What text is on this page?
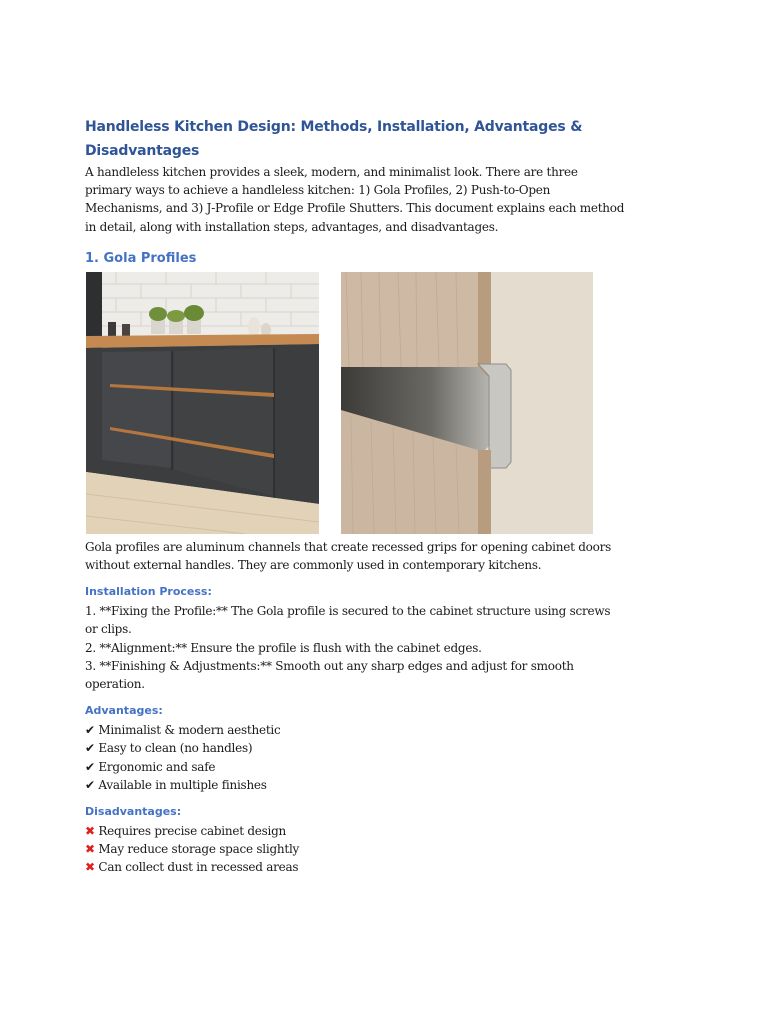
Handleless Kitchen Design: Methods, Installation, Advantages & Disadvantages

A handleless kitchen provides a sleek, modern, and minimalist look. There are three primary ways to achieve a handleless kitchen: 1) Gola Profiles, 2) Push-to-Open Mechanisms, and 3) J-Profile or Edge Profile Shutters. This document explains each method in detail, along with installation steps, advantages, and disadvantages.

1. Gola Profiles

Gola profiles are aluminum channels that create recessed grips for opening cabinet doors without external handles. They are commonly used in contemporary kitchens.

Installation Process:
1. **Fixing the Profile:** The Gola profile is secured to the cabinet structure using screws or clips.
2. **Alignment:** Ensure the profile is flush with the cabinet edges.
3. **Finishing & Adjustments:** Smooth out any sharp edges and adjust for smooth operation.
Advantages:
✔ Minimalist & modern aesthetic
✔ Easy to clean (no handles)
✔ Ergonomic and safe
✔ Available in multiple finishes
Disadvantages:
✖ Requires precise cabinet design
✖ May reduce storage space slightly
✖ Can collect dust in recessed areas
